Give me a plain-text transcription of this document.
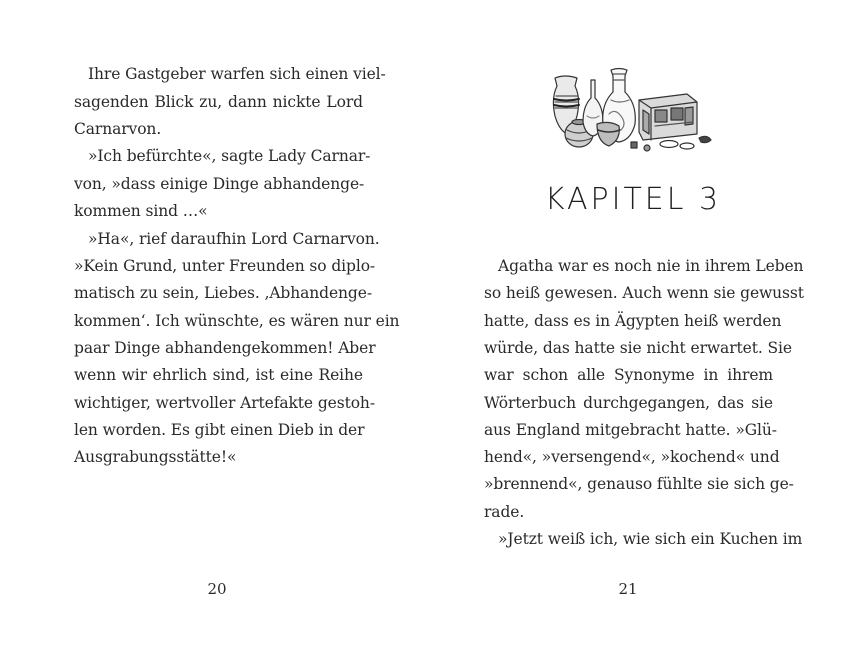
Ihre Gastgeber warfen sich einen viel-
sagenden Blick zu, dann nickte Lord
Carnarvon.
»Ich befürchte«, sagte Lady Carnar-
von, »dass einige Dinge abhandenge-
kommen sind …«
»Ha«, rief daraufhin Lord Carnarvon.
»Kein Grund, unter Freunden so diplo-
matisch zu sein, Liebes. ‚Abhandenge-
kommen‘. Ich wünschte, es wären nur ein
paar Dinge abhandengekommen! Aber
wenn wir ehrlich sind, ist eine Reihe
wichtiger, wertvoller Artefakte gestoh-
len worden. Es gibt einen Dieb in der
Ausgrabungsstätte!«
20
KAPITEL 3
Agatha war es noch nie in ihrem Leben
so heiß gewesen. Auch wenn sie gewusst
hatte, dass es in Ägypten heiß werden
würde, das hatte sie nicht erwartet. Sie
war schon alle Synonyme in ihrem
Wörterbuch durchgegangen, das sie
aus England mitgebracht hatte. »Glü-
hend«, »versengend«, »kochend« und
»brennend«, genauso fühlte sie sich ge-
rade.
»Jetzt weiß ich, wie sich ein Kuchen im
21
